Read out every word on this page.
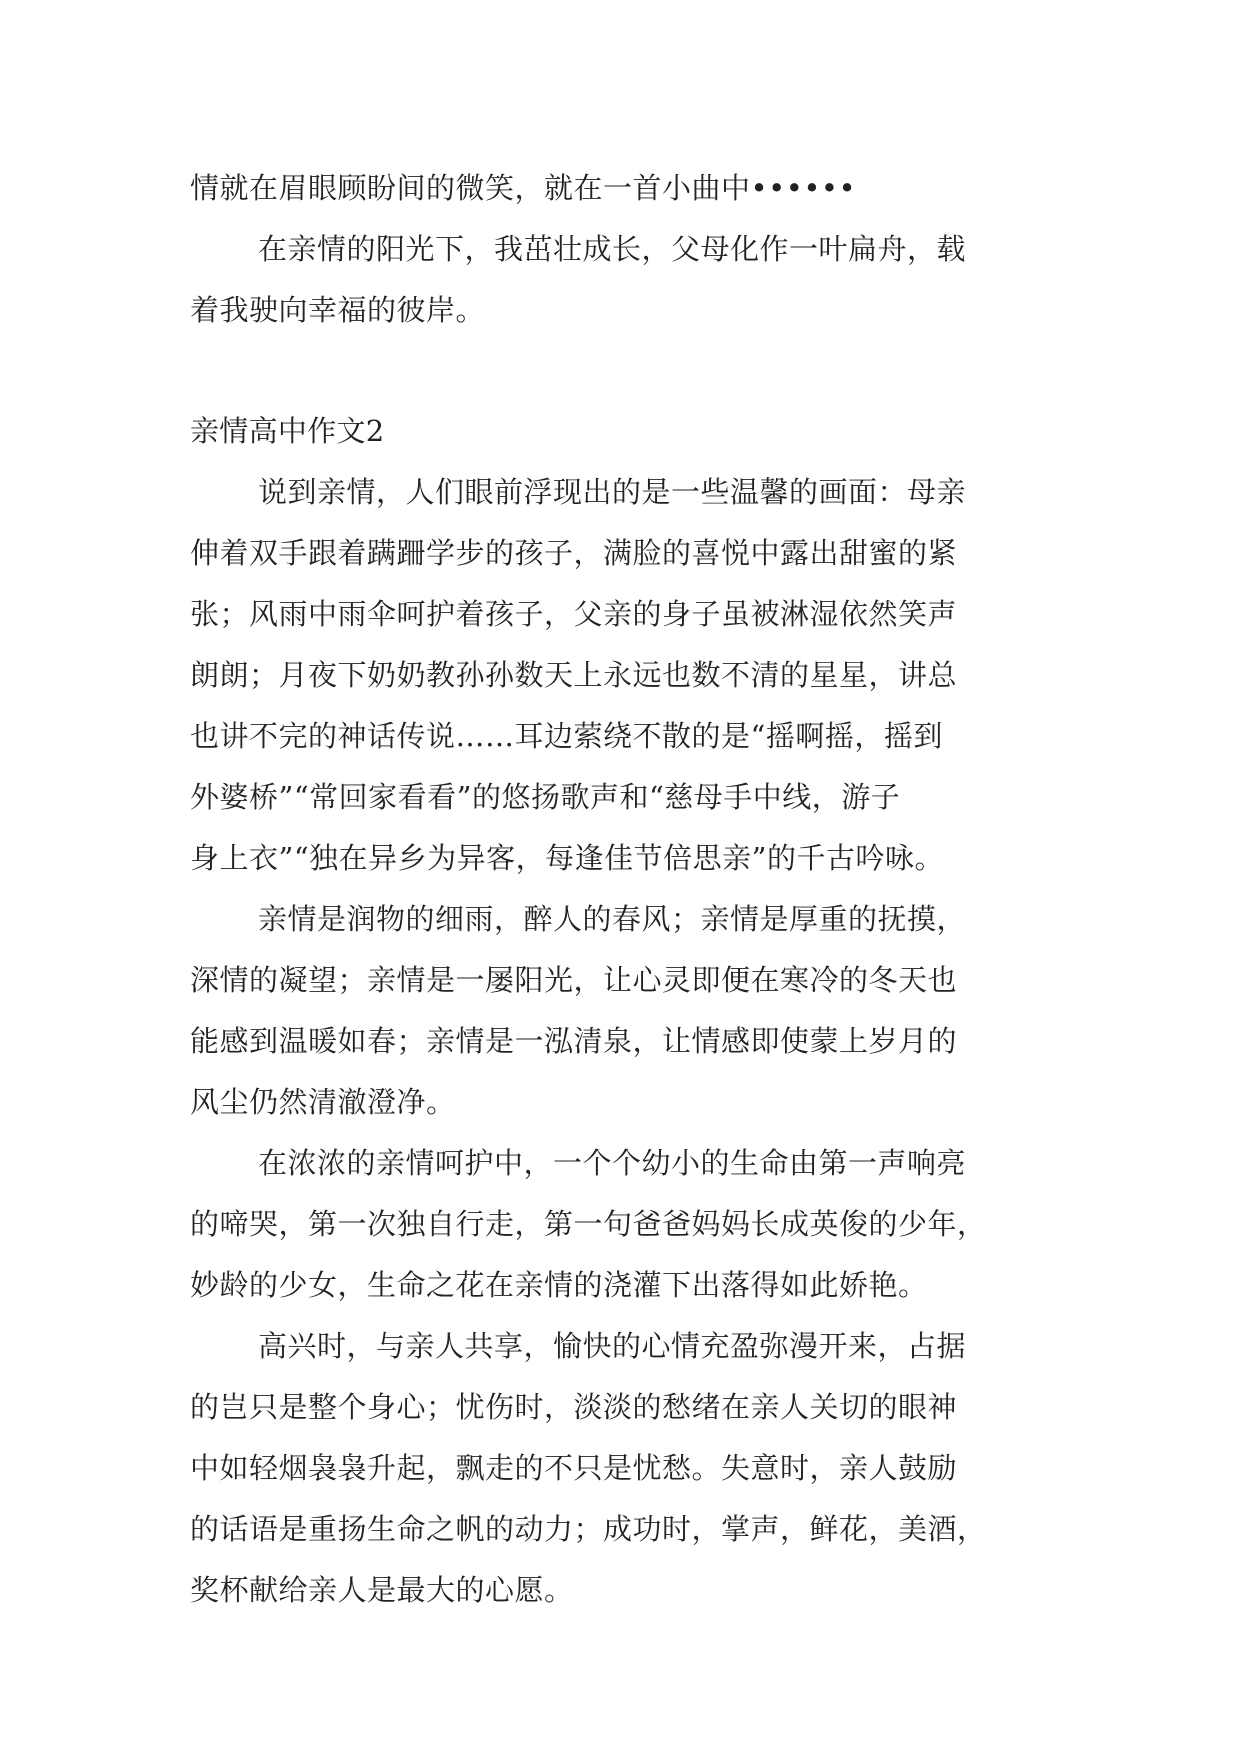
情就在眉眼顾盼间的微笑，就在一首小曲中••••••
在亲情的阳光下，我茁壮成长，父母化作一叶扁舟，载
着我驶向幸福的彼岸。
亲情高中作文2
说到亲情，人们眼前浮现出的是一些温馨的画面：母亲
伸着双手跟着蹒跚学步的孩子，满脸的喜悦中露出甜蜜的紧
张；风雨中雨伞呵护着孩子，父亲的身子虽被淋湿依然笑声
朗朗；月夜下奶奶教孙孙数天上永远也数不清的星星，讲总
也讲不完的神话传说……耳边萦绕不散的是“摇啊摇，摇到
外婆桥”“常回家看看”的悠扬歌声和“慈母手中线，游子
身上衣”“独在异乡为异客，每逢佳节倍思亲”的千古吟咏。
亲情是润物的细雨，醉人的春风；亲情是厚重的抚摸，
深情的凝望；亲情是一屡阳光，让心灵即便在寒冷的冬天也
能感到温暖如春；亲情是一泓清泉，让情感即使蒙上岁月的
风尘仍然清澈澄净。
在浓浓的亲情呵护中，一个个幼小的生命由第一声响亮
的啼哭，第一次独自行走，第一句爸爸妈妈长成英俊的少年，
妙龄的少女，生命之花在亲情的浇灌下出落得如此娇艳。
高兴时，与亲人共享，愉快的心情充盈弥漫开来，占据
的岂只是整个身心；忧伤时，淡淡的愁绪在亲人关切的眼神
中如轻烟袅袅升起，飘走的不只是忧愁。失意时，亲人鼓励
的话语是重扬生命之帆的动力；成功时，掌声，鲜花，美酒，
奖杯献给亲人是最大的心愿。
